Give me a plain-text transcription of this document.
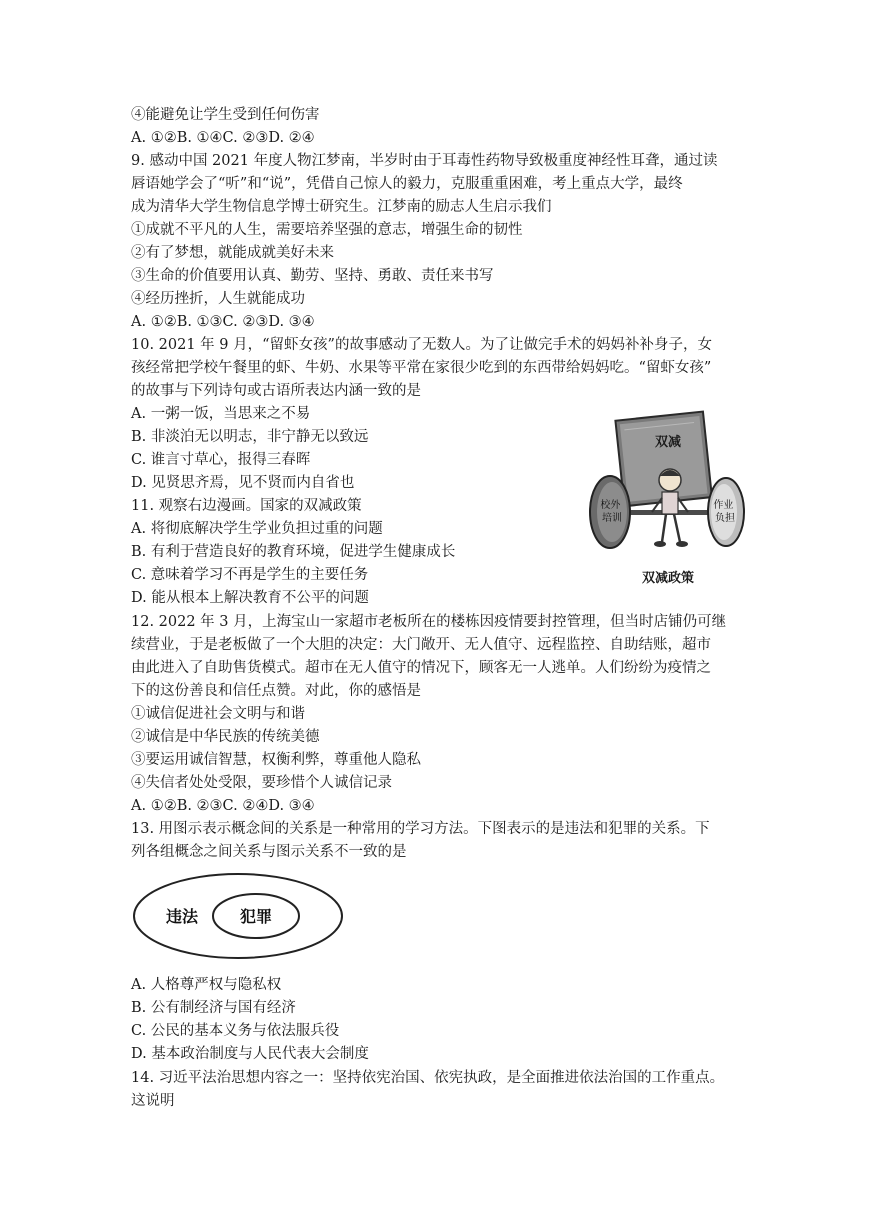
④能避免让学生受到任何伤害
A. ①②B. ①④C. ②③D. ②④
9. 感动中国 2021 年度人物江梦南，半岁时由于耳毒性药物导致极重度神经性耳聋，通过读
唇语她学会了“听”和“说”，凭借自己惊人的毅力，克服重重困难，考上重点大学，最终
成为清华大学生物信息学博士研究生。江梦南的励志人生启示我们
①成就不平凡的人生，需要培养坚强的意志，增强生命的韧性
②有了梦想，就能成就美好未来
③生命的价值要用认真、勤劳、坚持、勇敢、责任来书写
④经历挫折，人生就能成功
A. ①②B. ①③C. ②③D. ③④
10. 2021 年 9 月，“留虾女孩”的故事感动了无数人。为了让做完手术的妈妈补补身子，女
孩经常把学校午餐里的虾、牛奶、水果等平常在家很少吃到的东西带给妈妈吃。“留虾女孩”
的故事与下列诗句或古语所表达内涵一致的是
A. 一粥一饭，当思来之不易
B. 非淡泊无以明志，非宁静无以致远
C. 谁言寸草心，报得三春晖
D. 见贤思齐焉，见不贤而内自省也
11. 观察右边漫画。国家的双减政策
A. 将彻底解决学生学业负担过重的问题
B. 有利于营造良好的教育环境，促进学生健康成长
C. 意味着学习不再是学生的主要任务
D. 能从根本上解决教育不公平的问题
12. 2022 年 3 月，上海宝山一家超市老板所在的楼栋因疫情要封控管理，但当时店铺仍可继
续营业，于是老板做了一个大胆的决定：大门敞开、无人值守、远程监控、自助结账，超市
由此进入了自助售货模式。超市在无人值守的情况下，顾客无一人逃单。人们纷纷为疫情之
下的这份善良和信任点赞。对此，你的感悟是
①诚信促进社会文明与和谐
②诚信是中华民族的传统美德
③要运用诚信智慧，权衡利弊，尊重他人隐私
④失信者处处受限，要珍惜个人诚信记录
A. ①②B. ②③C. ②④D. ③④
13. 用图示表示概念间的关系是一种常用的学习方法。下图表示的是违法和犯罪的关系。下
列各组概念之间关系与图示关系不一致的是
A. 人格尊严权与隐私权
B. 公有制经济与国有经济
C. 公民的基本义务与依法服兵役
D. 基本政治制度与人民代表大会制度
14. 习近平法治思想内容之一：坚持依宪治国、依宪执政，是全面推进依法治国的工作重点。
这说明
双减
校外 培训
作业 负担
双减政策
违法	犯罪
